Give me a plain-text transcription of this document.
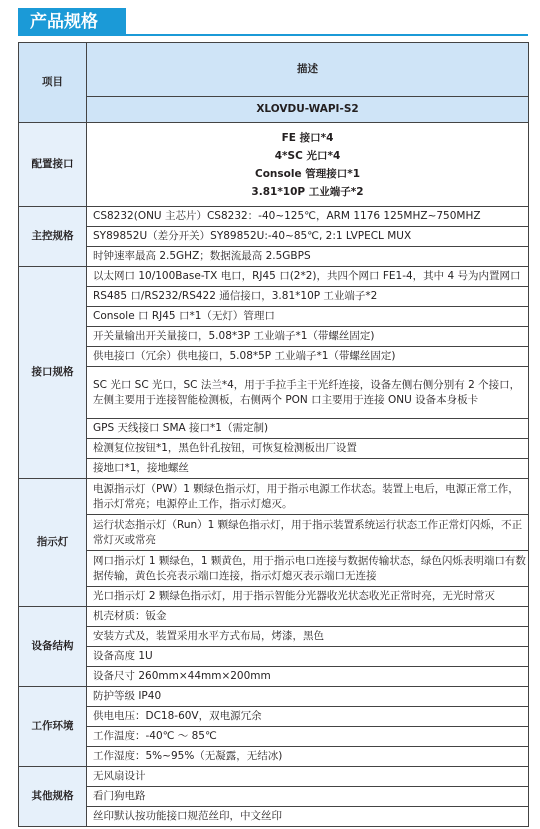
产品规格
项目	描述
	XLOVDU-WAPI-S2
配置接口	FE 接口*4
4*SC 光口*4
Console 管理接口*1
3.81*10P 工业端子*2

主控规格	CS8232(ONU 主芯片）CS8232：-40~125℃，ARM 1176 125MHZ~750MHZ
	SY89852U（差分开关）SY89852U:-40~85℃, 2:1 LVPECL MUX
	时钟速率最高 2.5GHZ；数据流最高 2.5GBPS
接口规格	以太网口 10/100Base-TX 电口，RJ45 口(2*2)，共四个网口 FE1-4，其中 4 号为内置网口
	RS485 口/RS232/RS422 通信接口，3.81*10P 工业端子*2
	Console 口 RJ45 口*1（无灯）管理口
	开关量输出开关量接口，5.08*3P 工业端子*1（带螺丝固定)
	供电接口（冗余）供电接口，5.08*5P 工业端子*1（带螺丝固定)
	SC 光口 SC 光口，SC 法兰*4，用于手拉手主干光纤连接，设备左侧右侧分别有 2 个接口，左侧主要用于连接智能检测板，右侧两个 PON 口主要用于连接 ONU 设备本身板卡
	GPS 天线接口 SMA 接口*1（需定制)
	检测复位按钮*1，黑色针孔按钮，可恢复检测板出厂设置
	接地口*1，接地螺丝
指示灯	电源指示灯（PW）1 颗绿色指示灯，用于指示电源工作状态。装置上电后，电源正常工作，指示灯常亮；电源停止工作，指示灯熄灭。
	运行状态指示灯（Run）1 颗绿色指示灯，用于指示装置系统运行状态工作正常灯闪烁，不正常灯灭或常亮
	网口指示灯 1 颗绿色，1 颗黄色，用于指示电口连接与数据传输状态，绿色闪烁表明端口有数据传输，黄色长亮表示端口连接，指示灯熄灭表示端口无连接
	光口指示灯 2 颗绿色指示灯，用于指示智能分光器收光状态收光正常时亮，无光时常灭
设备结构	机壳材质：钣金
	安装方式及，装置采用水平方式布局，烤漆，黑色
	设备高度 1U
	设备尺寸 260mm×44mm×200mm
工作环境	防护等级 IP40
	供电电压：DC18-60V，双电源冗余
	工作温度：-40℃ ～ 85℃
	工作湿度：5%~95%（无凝露，无结冰)
其他规格	无风扇设计
	看门狗电路
	丝印默认按功能接口规范丝印，中文丝印
